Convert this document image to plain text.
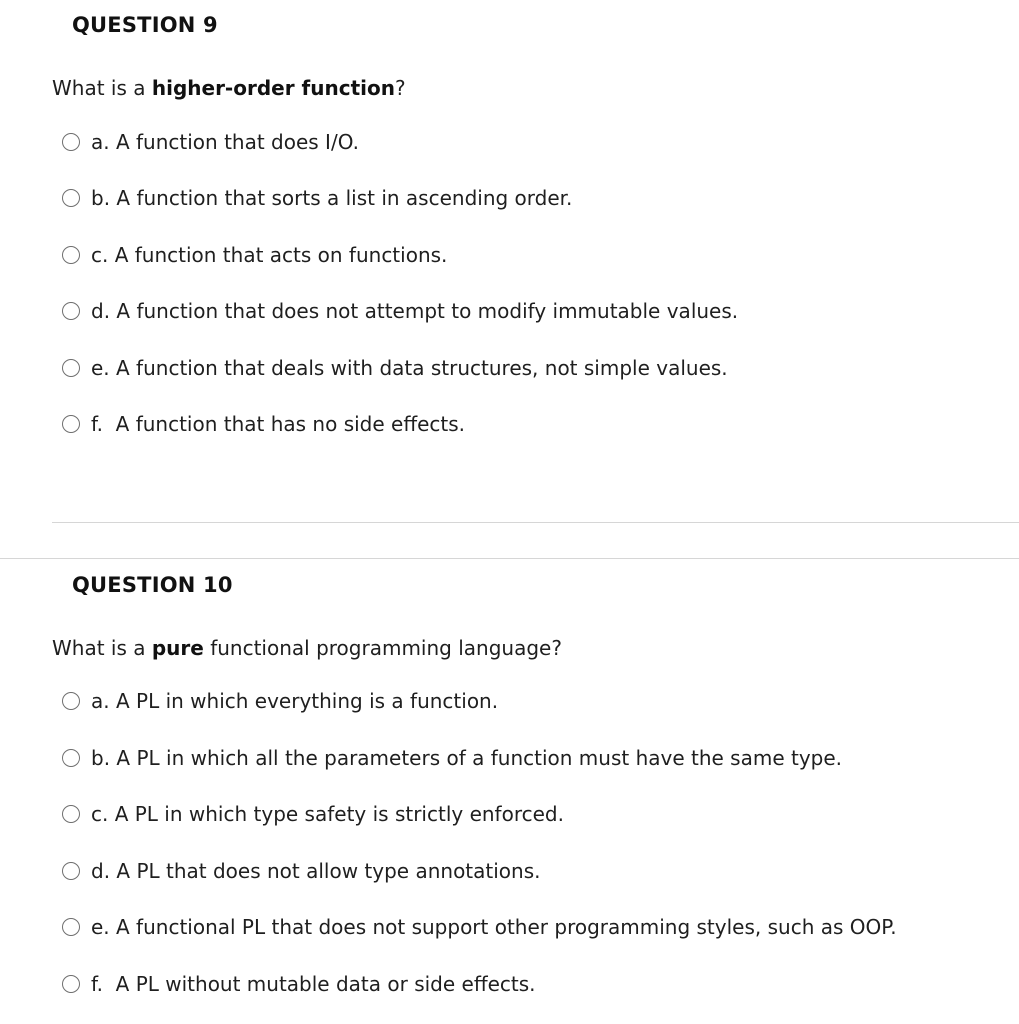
QUESTION 9
What is a higher-order function?
a. A function that does I/O.
b. A function that sorts a list in ascending order.
c. A function that acts on functions.
d. A function that does not attempt to modify immutable values.
e. A function that deals with data structures, not simple values.
f.  A function that has no side effects.
QUESTION 10
What is a pure functional programming language?
a. A PL in which everything is a function.
b. A PL in which all the parameters of a function must have the same type.
c. A PL in which type safety is strictly enforced.
d. A PL that does not allow type annotations.
e. A functional PL that does not support other programming styles, such as OOP.
f.  A PL without mutable data or side effects.
